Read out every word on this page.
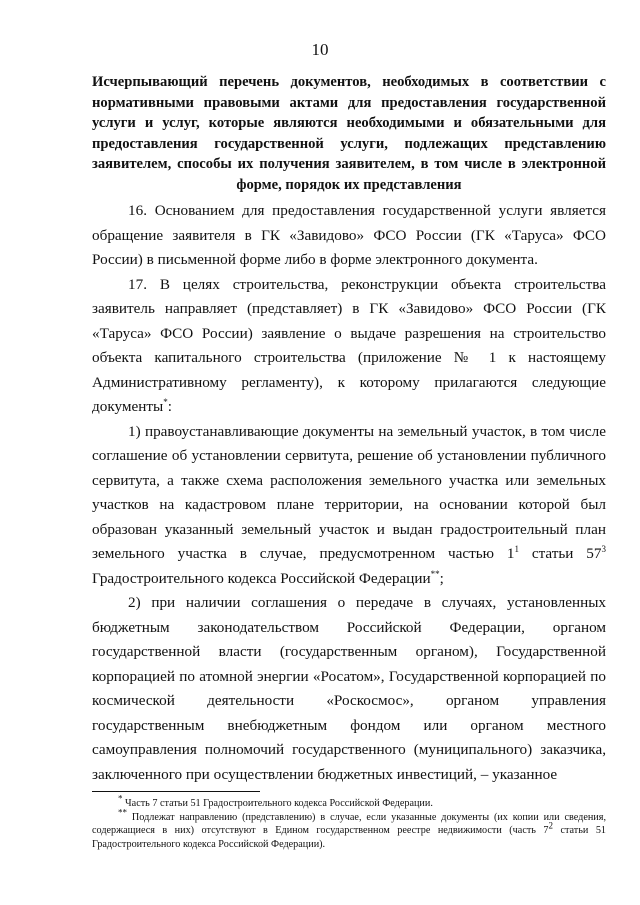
10
Исчерпывающий перечень документов, необходимых в соответствии с нормативными правовыми актами для предоставления государственной услуги и услуг, которые являются необходимыми и обязательными для предоставления государственной услуги, подлежащих представлению заявителем, способы их получения заявителем, в том числе в электронной форме, порядок их представления

16. Основанием для предоставления государственной услуги является обращение заявителя в ГК «Завидово» ФСО России (ГК «Таруса» ФСО России) в письменной форме либо в форме электронного документа.

17. В целях строительства, реконструкции объекта строительства заявитель направляет (представляет) в ГК «Завидово» ФСО России (ГК «Таруса» ФСО России) заявление о выдаче разрешения на строительство объекта капитального строительства (приложение № 1 к настоящему Административному регламенту), к которому прилагаются следующие документы*:

1) правоустанавливающие документы на земельный участок, в том числе соглашение об установлении сервитута, решение об установлении публичного сервитута, а также схема расположения земельного участка или земельных участков на кадастровом плане территории, на основании которой был образован указанный земельный участок и выдан градостроительный план земельного участка в случае, предусмотренном частью $1^1$ статьи $57^3$ Градостроительного кодекса Российской Федерации**;

2) при наличии соглашения о передаче в случаях, установленных бюджетным законодательством Российской Федерации, органом государственной власти (государственным органом), Государственной корпорацией по атомной энергии «Росатом», Государственной корпорацией по космической деятельности «Роскосмос», органом управления государственным внебюджетным фондом или органом местного самоуправления полномочий государственного (муниципального) заказчика, заключенного при осуществлении бюджетных инвестиций, – указанное

* Часть 7 статьи 51 Градостроительного кодекса Российской Федерации.

** Подлежат направлению (представлению) в случае, если указанные документы (их копии или сведения, содержащиеся в них) отсутствуют в Едином государственном реестре недвижимости (часть $7^2$ статьи 51 Градостроительного кодекса Российской Федерации).
